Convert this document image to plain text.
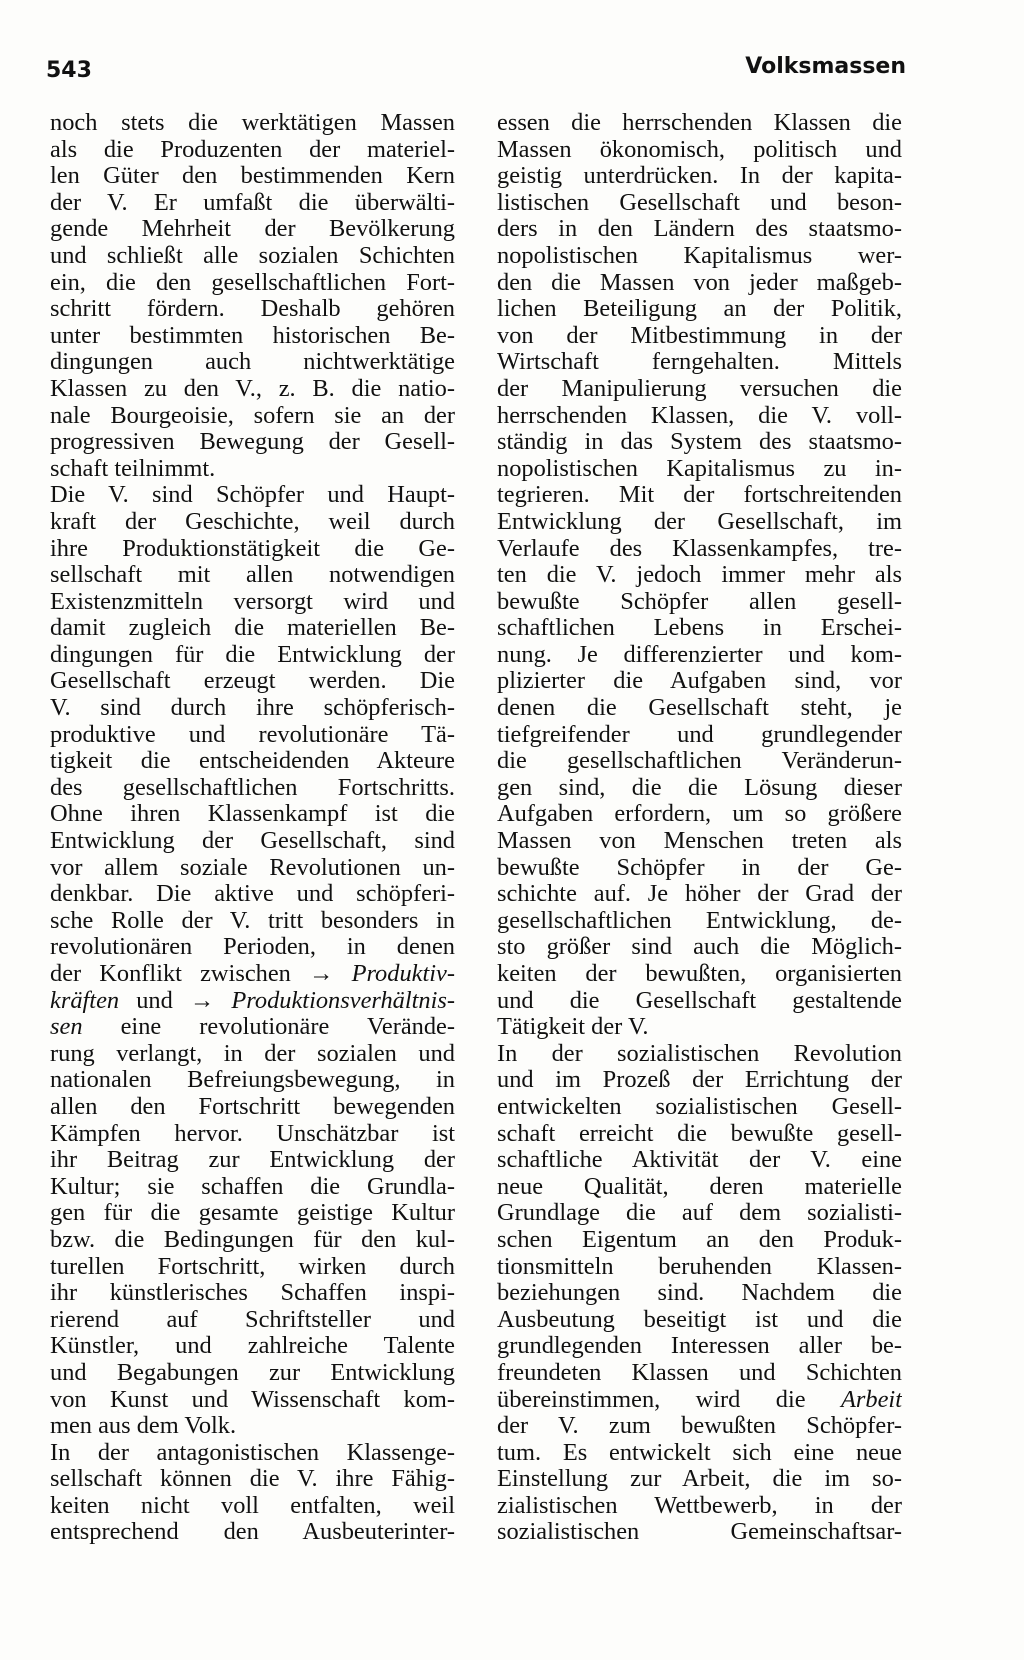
543	Volksmassen
noch stets die werktätigen Massen
als die Produzenten der materiel-
len Güter den bestimmenden Kern
der V. Er umfaßt die überwälti-
gende Mehrheit der Bevölkerung
und schließt alle sozialen Schichten
ein, die den gesellschaftlichen Fort-
schritt fördern. Deshalb gehören
unter bestimmten historischen Be-
dingungen auch nichtwerktätige
Klassen zu den V., z. B. die natio-
nale Bourgeoisie, sofern sie an der
progressiven Bewegung der Gesell-
schaft teilnimmt.
Die V. sind Schöpfer und Haupt-
kraft der Geschichte, weil durch
ihre Produktionstätigkeit die Ge-
sellschaft mit allen notwendigen
Existenzmitteln versorgt wird und
damit zugleich die materiellen Be-
dingungen für die Entwicklung der
Gesellschaft erzeugt werden. Die
V. sind durch ihre schöpferisch-
produktive und revolutionäre Tä-
tigkeit die entscheidenden Akteure
des gesellschaftlichen Fortschritts.
Ohne ihren Klassenkampf ist die
Entwicklung der Gesellschaft, sind
vor allem soziale Revolutionen un-
denkbar. Die aktive und schöpferi-
sche Rolle der V. tritt besonders in
revolutionären Perioden, in denen
der Konflikt zwischen → Produktiv-
kräften und → Produktionsverhältnis-
sen eine revolutionäre Verände-
rung verlangt, in der sozialen und
nationalen Befreiungsbewegung, in
allen den Fortschritt bewegenden
Kämpfen hervor. Unschätzbar ist
ihr Beitrag zur Entwicklung der
Kultur; sie schaffen die Grundla-
gen für die gesamte geistige Kultur
bzw. die Bedingungen für den kul-
turellen Fortschritt, wirken durch
ihr künstlerisches Schaffen inspi-
rierend auf Schriftsteller und
Künstler, und zahlreiche Talente
und Begabungen zur Entwicklung
von Kunst und Wissenschaft kom-
men aus dem Volk.
In der antagonistischen Klassenge-
sellschaft können die V. ihre Fähig-
keiten nicht voll entfalten, weil
entsprechend den Ausbeuterinter-
essen die herrschenden Klassen die
Massen ökonomisch, politisch und
geistig unterdrücken. In der kapita-
listischen Gesellschaft und beson-
ders in den Ländern des staatsmo-
nopolistischen Kapitalismus wer-
den die Massen von jeder maßgeb-
lichen Beteiligung an der Politik,
von der Mitbestimmung in der
Wirtschaft ferngehalten. Mittels
der Manipulierung versuchen die
herrschenden Klassen, die V. voll-
ständig in das System des staatsmo-
nopolistischen Kapitalismus zu in-
tegrieren. Mit der fortschreitenden
Entwicklung der Gesellschaft, im
Verlaufe des Klassenkampfes, tre-
ten die V. jedoch immer mehr als
bewußte Schöpfer allen gesell-
schaftlichen Lebens in Erschei-
nung. Je differenzierter und kom-
plizierter die Aufgaben sind, vor
denen die Gesellschaft steht, je
tiefgreifender und grundlegender
die gesellschaftlichen Veränderun-
gen sind, die die Lösung dieser
Aufgaben erfordern, um so größere
Massen von Menschen treten als
bewußte Schöpfer in der Ge-
schichte auf. Je höher der Grad der
gesellschaftlichen Entwicklung, de-
sto größer sind auch die Möglich-
keiten der bewußten, organisierten
und die Gesellschaft gestaltende
Tätigkeit der V.
In der sozialistischen Revolution
und im Prozeß der Errichtung der
entwickelten sozialistischen Gesell-
schaft erreicht die bewußte gesell-
schaftliche Aktivität der V. eine
neue Qualität, deren materielle
Grundlage die auf dem sozialisti-
schen Eigentum an den Produk-
tionsmitteln beruhenden Klassen-
beziehungen sind. Nachdem die
Ausbeutung beseitigt ist und die
grundlegenden Interessen aller be-
freundeten Klassen und Schichten
übereinstimmen, wird die Arbeit
der V. zum bewußten Schöpfer-
tum. Es entwickelt sich eine neue
Einstellung zur Arbeit, die im so-
zialistischen Wettbewerb, in der
sozialistischen Gemeinschaftsar-
